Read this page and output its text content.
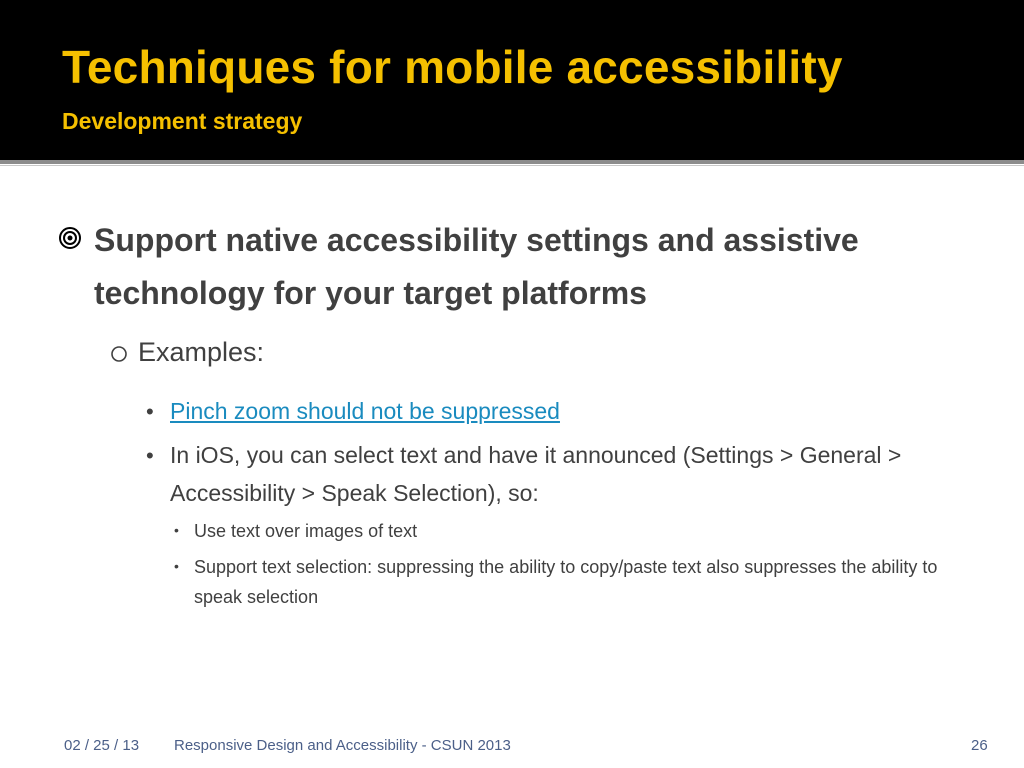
Techniques for mobile accessibility
Development strategy
Support native accessibility settings and assistive technology for your target platforms
Examples:
• Pinch zoom should not be suppressed
• In iOS, you can select text and have it announced (Settings > General > Accessibility > Speak Selection), so:
• Use text over images of text
• Support text selection: suppressing the ability to copy/paste text also suppresses the ability to speak selection
02 / 25 / 13 Responsive Design and Accessibility - CSUN 2013	26
